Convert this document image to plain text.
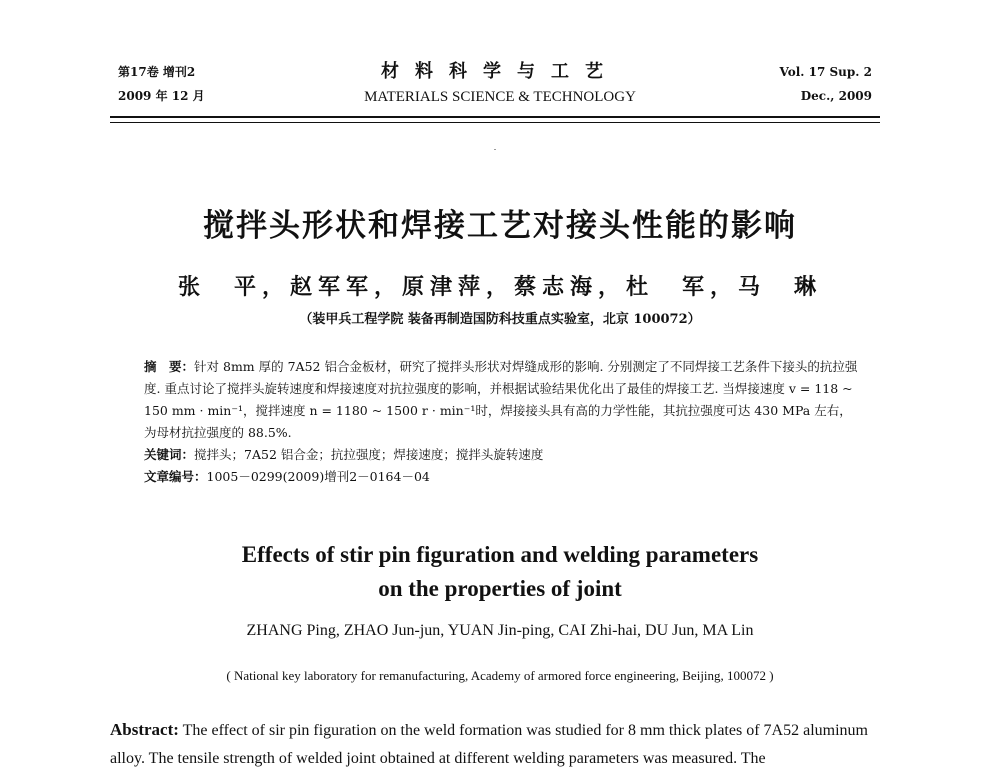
第17卷 增刊2
2009 年 12 月
材料科学与工艺
MATERIALS SCIENCE & TECHNOLOGY
Vol. 17 Sup. 2
Dec., 2009
搅拌头形状和焊接工艺对接头性能的影响
张　平，赵军军，原津萍，蔡志海，杜　军，马　琳
（装甲兵工程学院 装备再制造国防科技重点实验室，北京 100072）

摘　要：针对 8mm 厚的 7A52 铝合金板材，研究了搅拌头形状对焊缝成形的影响. 分别测定了不同焊接工艺条件下接头的抗拉强度. 重点讨论了搅拌头旋转速度和焊接速度对抗拉强度的影响，并根据试验结果优化出了最佳的焊接工艺. 当焊接速度 v = 118 ~ 150 mm · min⁻¹，搅拌速度 n = 1180 ~ 1500 r · min⁻¹时，焊接接头具有高的力学性能，其抗拉强度可达 430 MPa 左右，为母材抗拉强度的 88.5%.

关键词：搅拌头；7A52 铝合金；抗拉强度；焊接速度；搅拌头旋转速度

文章编号：1005－0299(2009)增刊2－0164－04

Effects of stir pin figuration and welding parameters
on the properties of joint
ZHANG Ping, ZHAO Jun-jun, YUAN Jin-ping, CAI Zhi-hai, DU Jun, MA Lin
( National key laboratory for remanufacturing, Academy of armored force engineering, Beijing, 100072 )
Abstract: The effect of sir pin figuration on the weld formation was studied for 8 mm thick plates of 7A52 aluminum alloy. The tensile strength of welded joint obtained at different welding parameters was measured. The
